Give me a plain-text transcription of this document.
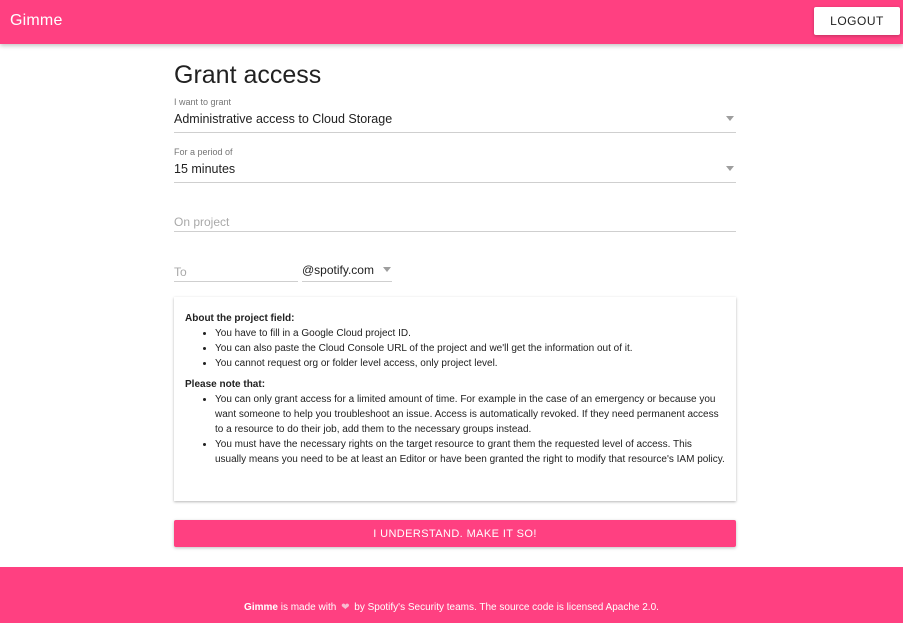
Gimme	LOGOUT
Grant access
I want to grant
Administrative access to Cloud Storage
For a period of
15 minutes
On project
To	@spotify.com
About the project field:
• You have to fill in a Google Cloud project ID.
• You can also paste the Cloud Console URL of the project and we'll get the information out of it.
• You cannot request org or folder level access, only project level.
Please note that:
• You can only grant access for a limited amount of time. For example in the case of an emergency or because you want someone to help you troubleshoot an issue. Access is automatically revoked. If they need permanent access to a resource to do their job, add them to the necessary groups instead.
• You must have the necessary rights on the target resource to grant them the requested level of access. This usually means you need to be at least an Editor or have been granted the right to modify that resource's IAM policy.
I UNDERSTAND. MAKE IT SO!
Gimme is made with ❤ by Spotify's Security teams. The source code is licensed Apache 2.0.
